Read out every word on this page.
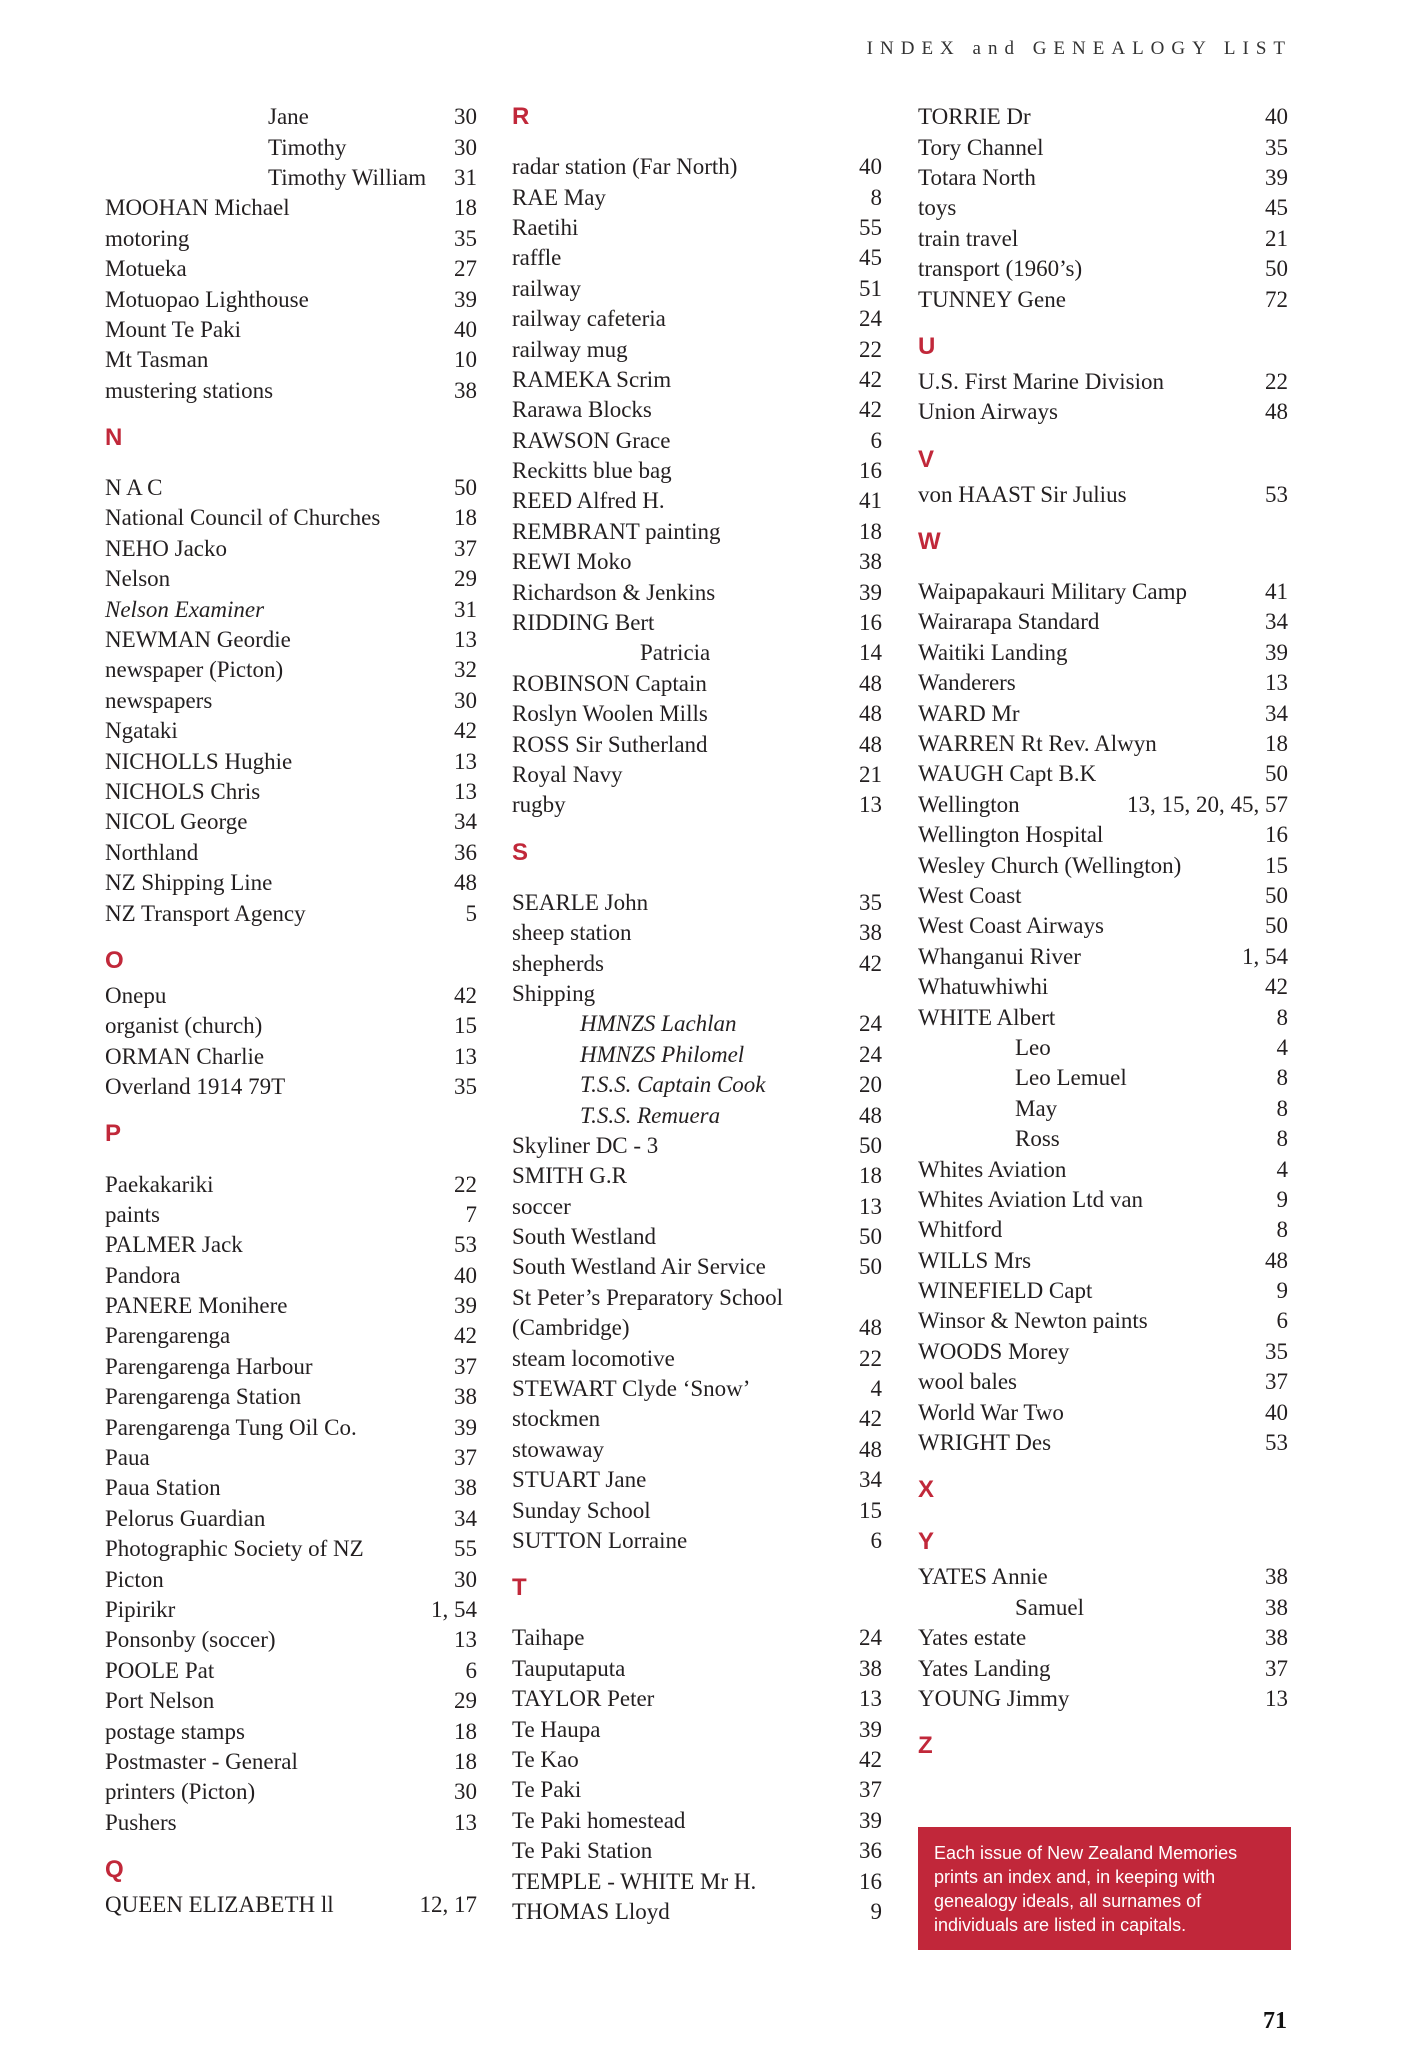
INDEX and GENEALOGY LIST
Jane	30
Timothy	30
Timothy William	31
MOOHAN Michael	18
motoring	35
Motueka	27
Motuopao Lighthouse	39
Mount Te Paki	40
Mt Tasman	10
mustering stations	38
N
N A C	50
National Council of Churches	18
NEHO Jacko	37
Nelson	29
Nelson Examiner	31
NEWMAN Geordie	13
newspaper (Picton)	32
newspapers	30
Ngataki	42
NICHOLLS Hughie	13
NICHOLS Chris	13
NICOL George	34
Northland	36
NZ Shipping Line	48
NZ Transport Agency	5
O
Onepu	42
organist (church)	15
ORMAN Charlie	13
Overland 1914 79T	35
P
Paekakariki	22
paints	7
PALMER Jack	53
Pandora	40
PANERE Monihere	39
Parengarenga	42
Parengarenga Harbour	37
Parengarenga Station	38
Parengarenga Tung Oil Co.	39
Paua	37
Paua Station	38
Pelorus Guardian	34
Photographic Society of NZ	55
Picton	30
Pipirikr	1, 54
Ponsonby (soccer)	13
POOLE Pat	6
Port Nelson	29
postage stamps	18
Postmaster - General	18
printers (Picton)	30
Pushers	13
Q
QUEEN ELIZABETH ll	12, 17
R
radar station (Far North)	40
RAE May	8
Raetihi	55
raffle	45
railway	51
railway cafeteria	24
railway mug	22
RAMEKA Scrim	42
Rarawa Blocks	42
RAWSON Grace	6
Reckitts blue bag	16
REED Alfred H.	41
REMBRANT painting	18
REWI Moko	38
Richardson & Jenkins	39
RIDDING Bert	16
Patricia	14
ROBINSON Captain	48
Roslyn Woolen Mills	48
ROSS Sir Sutherland	48
Royal Navy	21
rugby	13
S
SEARLE John	35
sheep station	38
shepherds	42
Shipping
HMNZS Lachlan	24
HMNZS Philomel	24
T.S.S. Captain Cook	20
T.S.S. Remuera	48
Skyliner DC - 3	50
SMITH G.R	18
soccer	13
South Westland	50
South Westland Air Service	50
St Peter’s Preparatory School
(Cambridge)	48
steam locomotive	22
STEWART Clyde ‘Snow’	4
stockmen	42
stowaway	48
STUART Jane	34
Sunday School	15
SUTTON Lorraine	6
T
Taihape	24
Tauputaputa	38
TAYLOR Peter	13
Te Haupa	39
Te Kao	42
Te Paki	37
Te Paki homestead	39
Te Paki Station	36
TEMPLE - WHITE Mr H.	16
THOMAS Lloyd	9
TORRIE Dr	40
Tory Channel	35
Totara North	39
toys	45
train travel	21
transport (1960’s)	50
TUNNEY Gene	72
U
U.S. First Marine Division	22
Union Airways	48
V
von HAAST Sir Julius	53
W
Waipapakauri Military Camp	41
Wairarapa Standard	34
Waitiki Landing	39
Wanderers	13
WARD Mr	34
WARREN Rt Rev. Alwyn	18
WAUGH Capt B.K	50
Wellington	13, 15, 20, 45, 57
Wellington Hospital	16
Wesley Church (Wellington)	15
West Coast	50
West Coast Airways	50
Whanganui River	1, 54
Whatuwhiwhi	42
WHITE Albert	8
Leo	4
Leo Lemuel	8
May	8
Ross	8
Whites Aviation	4
Whites Aviation Ltd van	9
Whitford	8
WILLS Mrs	48
WINEFIELD Capt	9
Winsor & Newton paints	6
WOODS Morey	35
wool bales	37
World War Two	40
WRIGHT Des	53
X
Y
YATES Annie	38
Samuel	38
Yates estate	38
Yates Landing	37
YOUNG Jimmy	13
Z
Each issue of New Zealand Memories prints an index and, in keeping with genealogy ideals, all surnames of individuals are listed in capitals.
71
